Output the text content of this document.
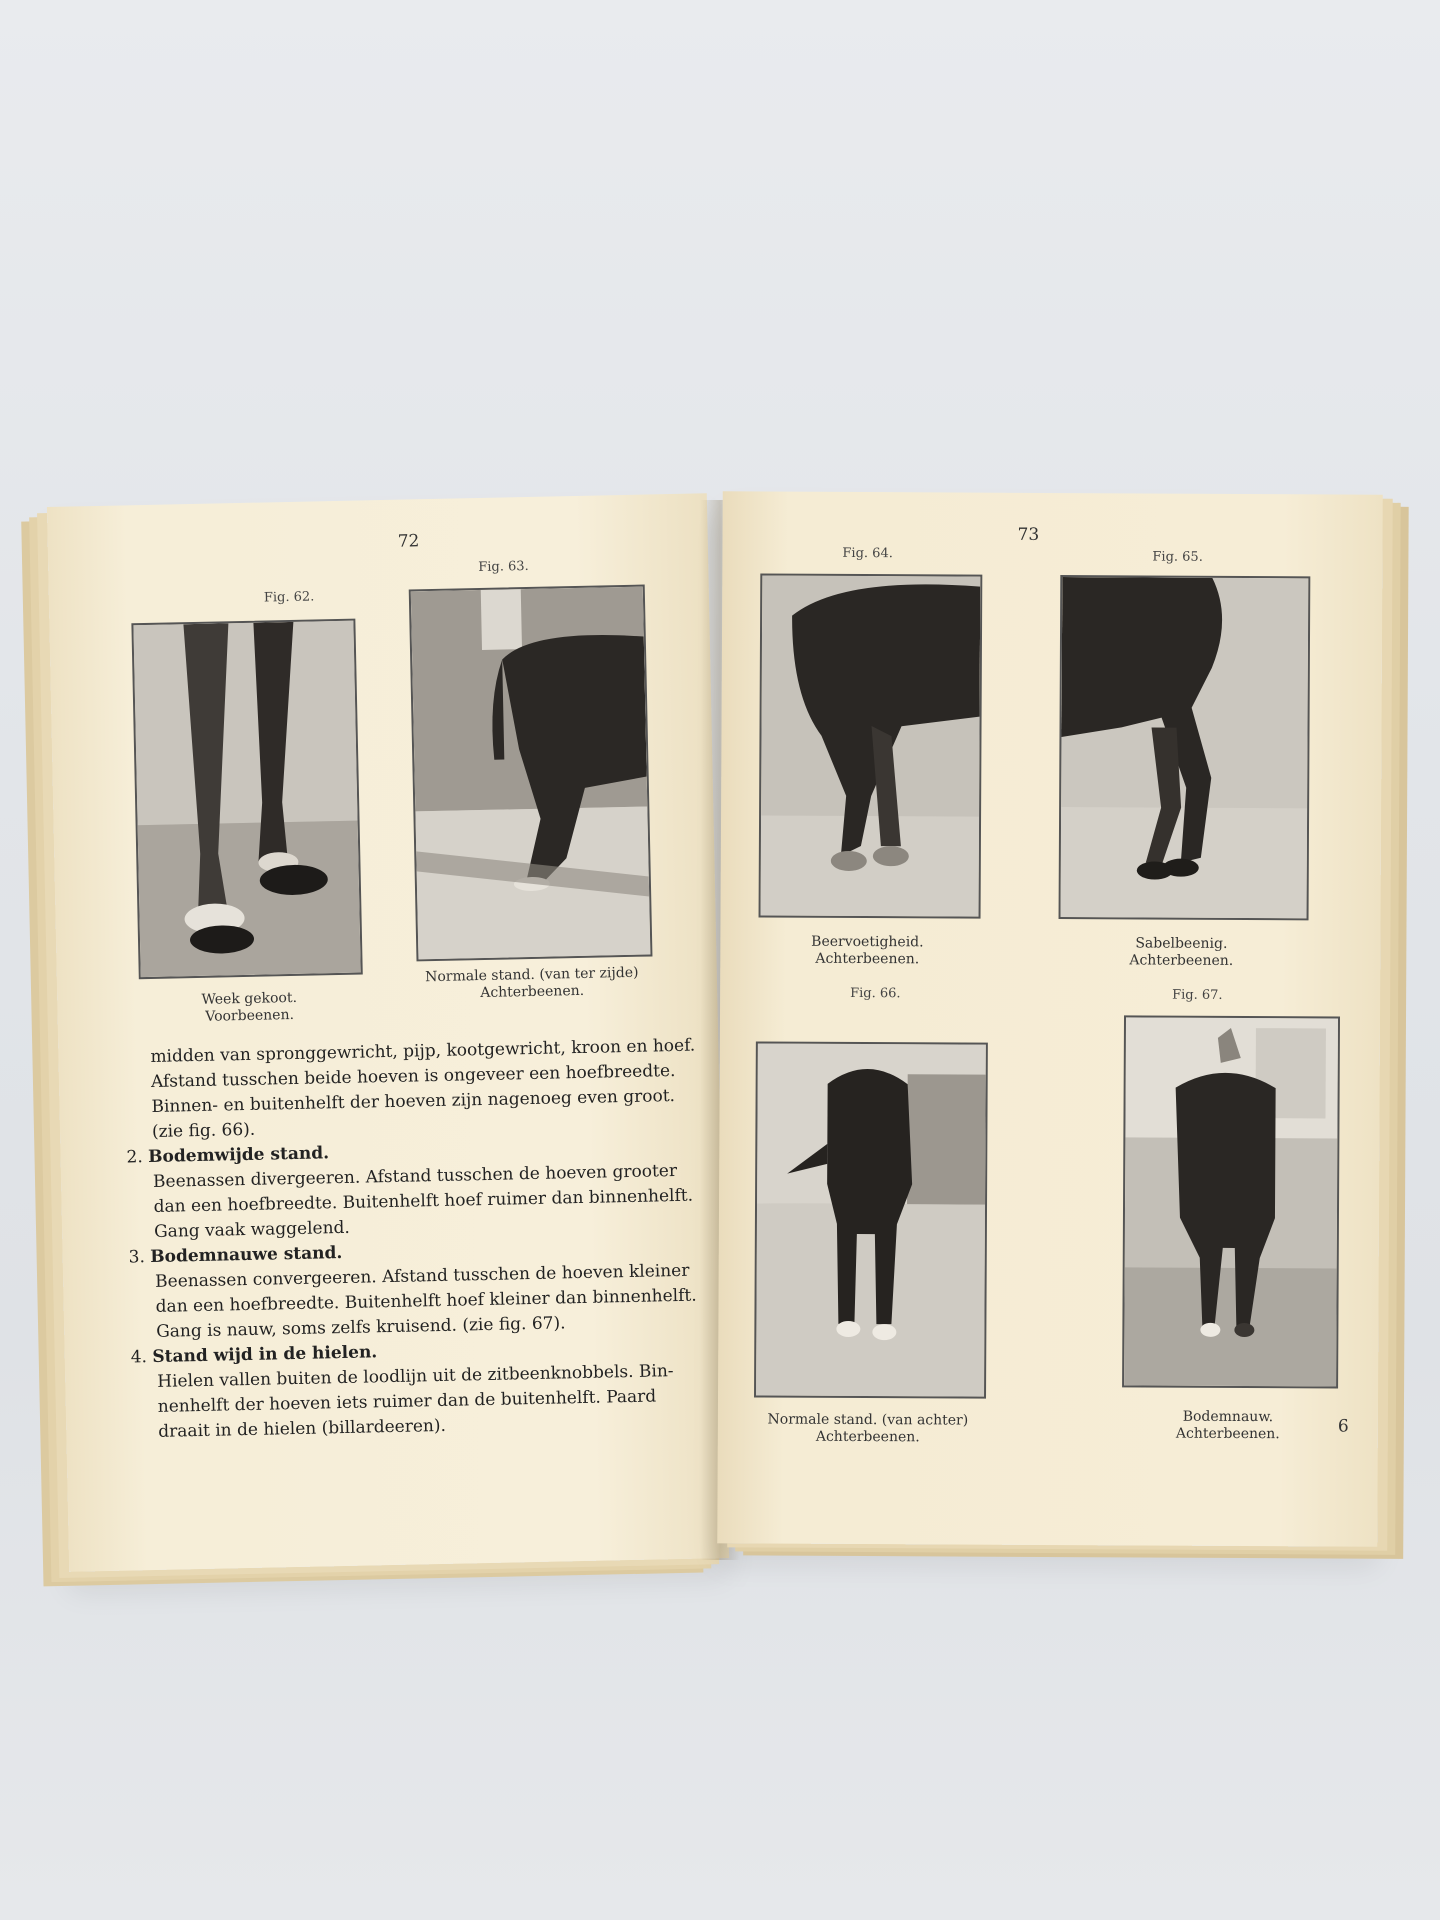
72
Fig. 62.
Week gekoot.
Voorbeenen.
Fig. 63.
Normale stand. (van ter zijde)
Achterbeenen.
midden van spronggewricht, pijp, kootgewricht, kroon en hoef.
Afstand tusschen beide hoeven is ongeveer een hoefbreedte.
Binnen- en buitenhelft der hoeven zijn nagenoeg even groot.
(zie fig. 66).
2. Bodemwijde stand.
Beenassen divergeeren. Afstand tusschen de hoeven grooter
dan een hoefbreedte. Buitenhelft hoef ruimer dan binnenhelft.
Gang vaak waggelend.
3. Bodemnauwe stand.
Beenassen convergeeren. Afstand tusschen de hoeven kleiner
dan een hoefbreedte. Buitenhelft hoef kleiner dan binnenhelft.
Gang is nauw, soms zelfs kruisend. (zie fig. 67).
4. Stand wijd in de hielen.
Hielen vallen buiten de loodlijn uit de zitbeenknobbels. Bin-
nenhelft der hoeven iets ruimer dan de buitenhelft. Paard
draait in de hielen (billardeeren).
73
Fig. 64.
Beervoetigheid.
Achterbeenen.
Fig. 65.
Sabelbeenig.
Achterbeenen.
Fig. 66.
Normale stand. (van achter)
Achterbeenen.
Fig. 67.
Bodemnauw.
Achterbeenen.	6
